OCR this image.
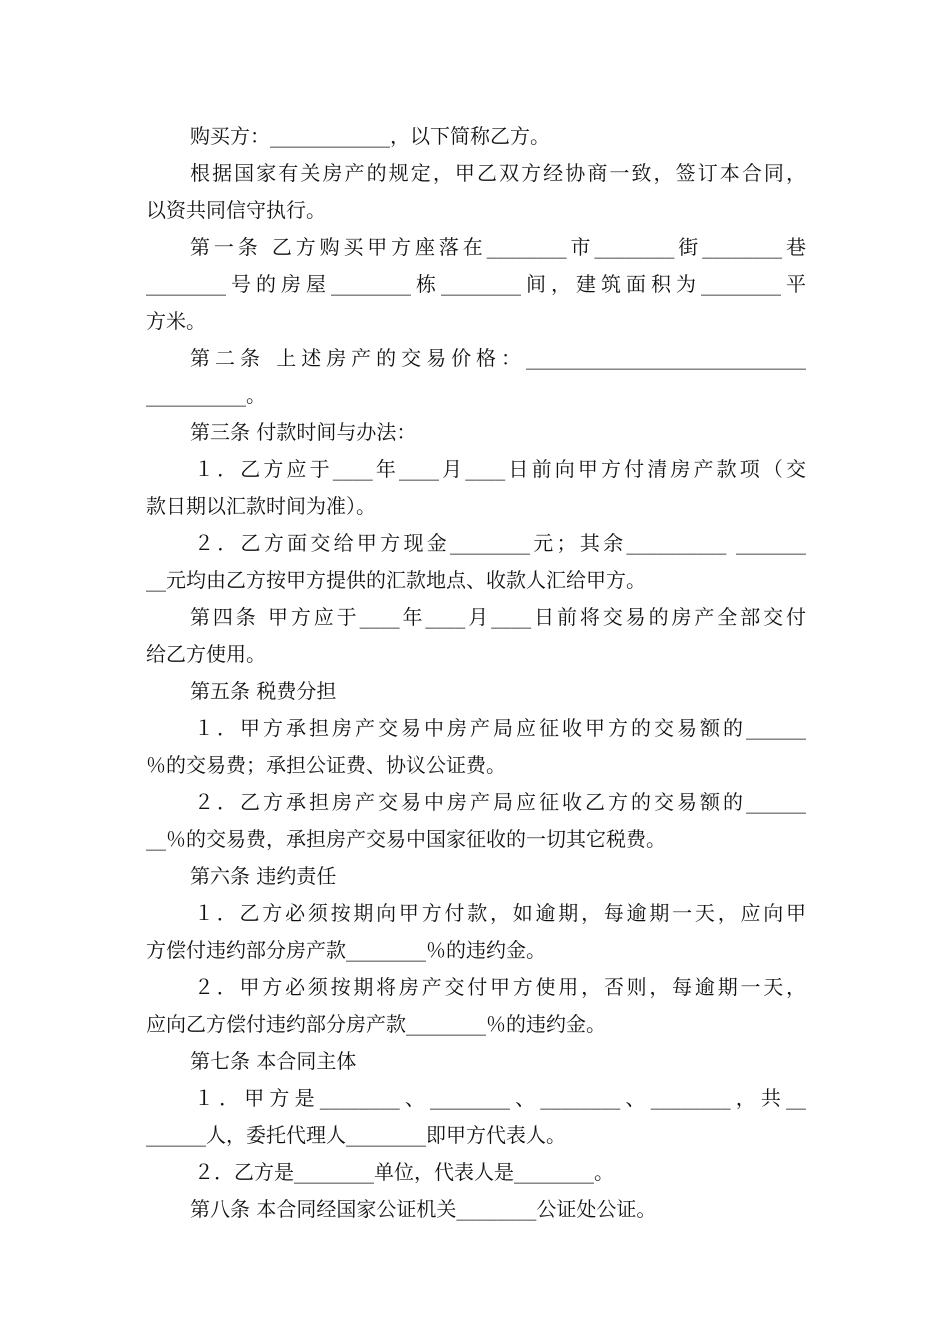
购买方：____________，以下简称乙方。
根据国家有关房产的规定，甲乙双方经协商一致，签订本合同，
以资共同信守执行。
第一条 乙方购买甲方座落在________市________街________巷
________号的房屋________栋________间，建筑面积为________平
方米。
第二条 上述房产的交易价格：____________________________
__________。
第三条 付款时间与办法：
１．乙方应于____年____月____日前向甲方付清房产款项（交
款日期以汇款时间为准）。
２．乙方面交给甲方现金________元；其余__________ _______
__元均由乙方按甲方提供的汇款地点、收款人汇给甲方。
第四条 甲方应于____年____月____日前将交易的房产全部交付
给乙方使用。
第五条 税费分担
１．甲方承担房产交易中房产局应征收甲方的交易额的______
％的交易费；承担公证费、协议公证费。
２．乙方承担房产交易中房产局应征收乙方的交易额的______
__％的交易费，承担房产交易中国家征收的一切其它税费。
第六条 违约责任
１．乙方必须按期向甲方付款，如逾期，每逾期一天，应向甲
方偿付违约部分房产款________％的违约金。
２．甲方必须按期将房产交付甲方使用，否则，每逾期一天，
应向乙方偿付违约部分房产款________％的违约金。
第七条 本合同主体
１．甲方是________、________、________、________，共__
______人，委托代理人________即甲方代表人。
２．乙方是________单位，代表人是________。
第八条 本合同经国家公证机关________公证处公证。
